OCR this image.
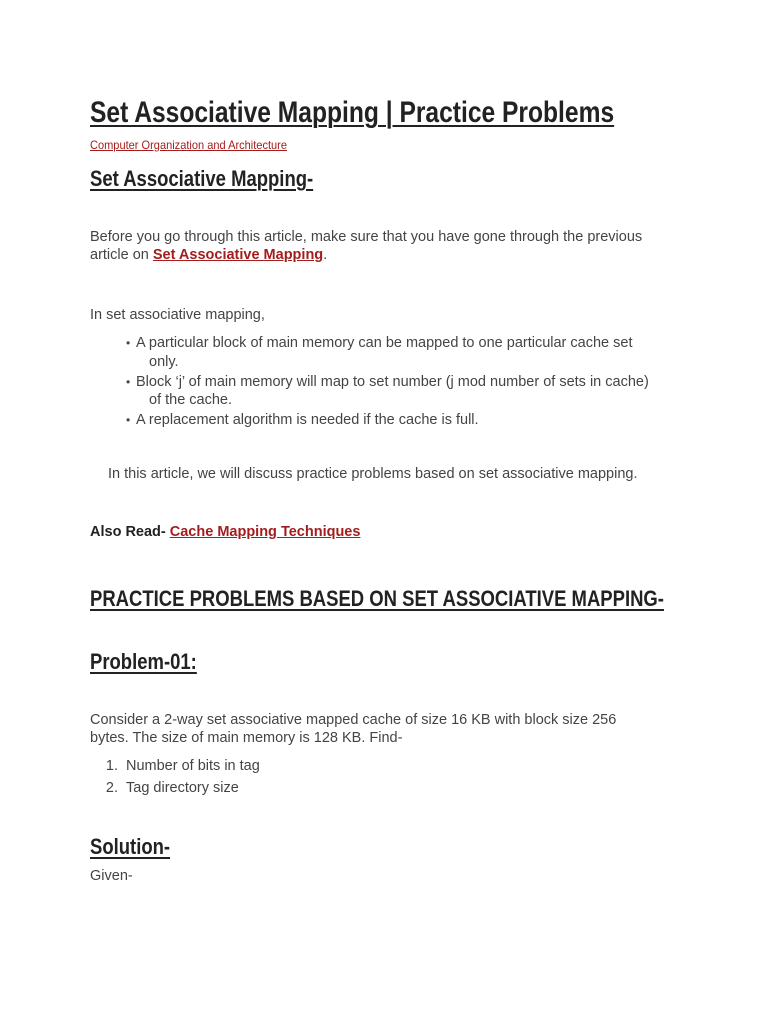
Set Associative Mapping | Practice Problems
Computer Organization and Architecture
Set Associative Mapping-

Before you go through this article, make sure that you have gone through the previous

article on Set Associative Mapping.

In set associative mapping,

• A particular block of main memory can be mapped to one particular cache set
only.
• Block ‘j’ of main memory will map to set number (j mod number of sets in cache)
of the cache.
• A replacement algorithm is needed if the cache is full.

In this article, we will discuss practice problems based on set associative mapping.

Also Read- Cache Mapping Techniques
PRACTICE PROBLEMS BASED ON SET ASSOCIATIVE MAPPING-
Problem-01:

Consider a 2-way set associative mapped cache of size 16 KB with block size 256

bytes. The size of main memory is 128 KB. Find-

1. Number of bits in tag
2. Tag directory size
Solution-

Given-
